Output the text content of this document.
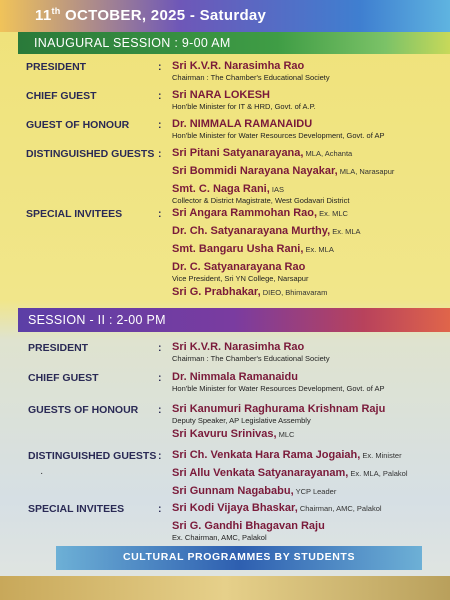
11th OCTOBER, 2025 - Saturday
INAUGURAL SESSION : 9-00 AM
PRESIDENT	: Sri K.V.R. Narasimha Rao
Chairman : The Chamber's Educational Society
CHIEF GUEST	: Sri NARA LOKESH
Hon'ble Minister for IT & HRD, Govt. of A.P.
GUEST OF HONOUR	: Dr. NIMMALA RAMANAIDU
Hon'ble Minister for Water Resources Development, Govt. of AP
DISTINGUISHED GUESTS : Sri Pitani Satyanarayana, MLA, Achanta
Sri Bommidi Narayana Nayakar, MLA, Narasapur
Smt. C. Naga Rani, IAS
Collector & District Magistrate, West Godavari District
SPECIAL INVITEES	: Sri Angara Rammohan Rao, Ex. MLC
Dr. Ch. Satyanarayana Murthy, Ex. MLA
Smt. Bangaru Usha Rani, Ex. MLA
Dr. C. Satyanarayana Rao
Vice President, Sri YN College, Narsapur
Sri G. Prabhakar, DIEO, Bhimavaram
SESSION - II : 2-00 PM
PRESIDENT	: Sri K.V.R. Narasimha Rao
Chairman : The Chamber's Educational Society
CHIEF GUEST	: Dr. Nimmala Ramanaidu
Hon'ble Minister for Water Resources Development, Govt. of AP
GUESTS OF HONOUR : Sri Kanumuri Raghurama Krishnam Raju
Deputy Speaker, AP Legislative Assembly
Sri Kavuru Srinivas, MLC
DISTINGUISHED GUESTS : Sri Ch. Venkata Hara Rama Jogaiah, Ex. Minister
Sri Allu Venkata Satyanarayanam, Ex. MLA, Palakol
Sri Gunnam Nagababu, YCP Leader
SPECIAL INVITEES	: Sri Kodi Vijaya Bhaskar, Chairman, AMC, Palakol
Sri G. Gandhi Bhagavan Raju
Ex. Chairman, AMC, Palakol
·
CULTURAL PROGRAMMES BY STUDENTS
